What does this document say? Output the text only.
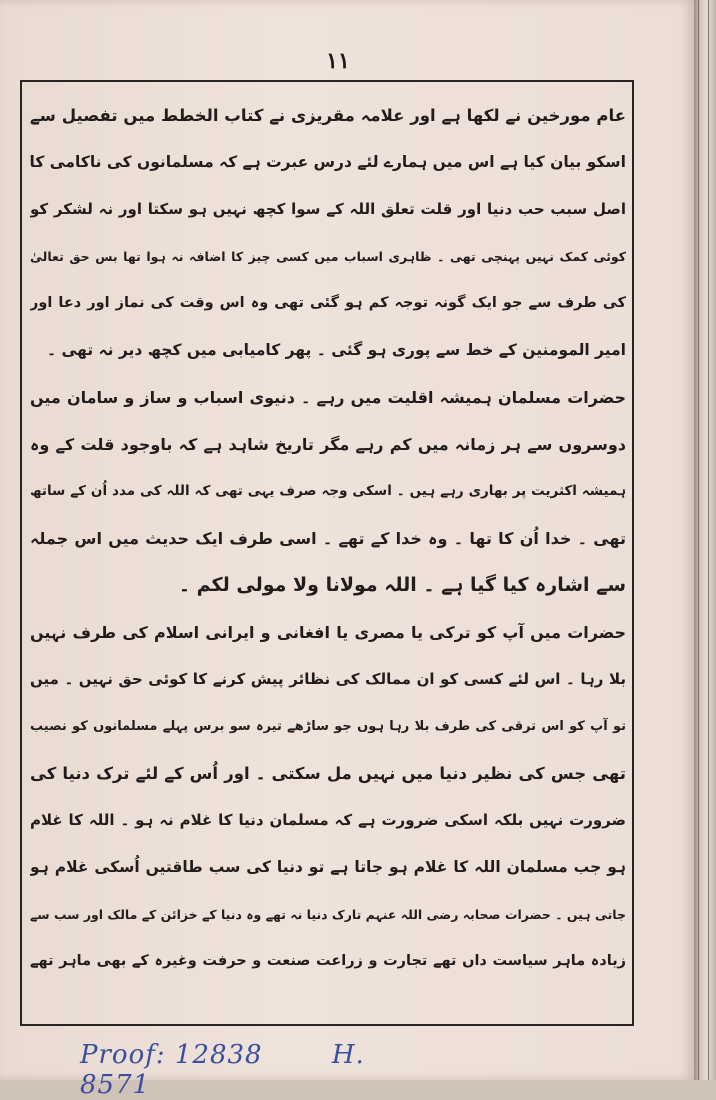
۱۱
عام مورخین نے لکھا ہے اور علامہ مقریزی نے کتاب الخطط میں تفصیل سے
اسکو بیان کیا ہے اس میں ہمارے لئے درس عبرت ہے کہ مسلمانوں کی ناکامی کا
اصل سبب حب دنیا اور قلت تعلق اللہ کے سوا کچھ نہیں ہو سکتا اور نہ لشکر کو
کوئی کمک نہیں پہنچی تھی ۔ ظاہری اسباب میں کسی چیز کا اضافہ نہ ہوا تھا بس حق تعالیٰ
کی طرف سے جو ایک گونہ توجہ کم ہو گئی تھی وہ اس وقت کی نماز اور دعا اور
امیر المومنین کے خط سے پوری ہو گئی ۔ پھر کامیابی میں کچھ دیر نہ تھی ۔
حضرات مسلمان ہمیشہ اقلیت میں رہے ۔ دنیوی اسباب و ساز و سامان میں
دوسروں سے ہر زمانہ میں کم رہے مگر تاریخ شاہد ہے کہ باوجود قلت کے وہ
ہمیشہ اکثریت پر بھاری رہے ہیں ۔ اسکی وجہ صرف یہی تھی کہ اللہ کی مدد اُن کے ساتھ
تھی ۔ خدا اُن کا تھا ۔ وہ خدا کے تھے ۔ اسی طرف ایک حدیث میں اس جملہ
سے اشارہ کیا گیا ہے ۔ اللہ مولانا ولا مولی لکم ۔
حضرات میں آپ کو ترکی یا مصری یا افغانی و ایرانی اسلام کی طرف نہیں
بلا رہا ۔ اس لئے کسی کو ان ممالک کی نظائر پیش کرنے کا کوئی حق نہیں ۔ میں
تو آپ کو اس ترقی کی طرف بلا رہا ہوں جو ساڑھے تیرہ سو برس پہلے مسلمانوں کو نصیب
تھی جس کی نظیر دنیا میں نہیں مل سکتی ۔ اور اُس کے لئے ترک دنیا کی
ضرورت نہیں بلکہ اسکی ضرورت ہے کہ مسلمان دنیا کا غلام نہ ہو ۔ اللہ کا غلام
ہو جب مسلمان اللہ کا غلام ہو جاتا ہے تو دنیا کی سب طاقتیں اُسکی غلام ہو
جاتی ہیں ۔ حضرات صحابہ رضی اللہ عنہم تارک دنیا نہ تھے وہ دنیا کے خزائن کے مالک اور سب سے
زیادہ ماہر سیاست داں تھے تجارت و زراعت صنعت و حرفت وغیرہ کے بھی ماہر تھے
Proof: 12838	H. 8571
